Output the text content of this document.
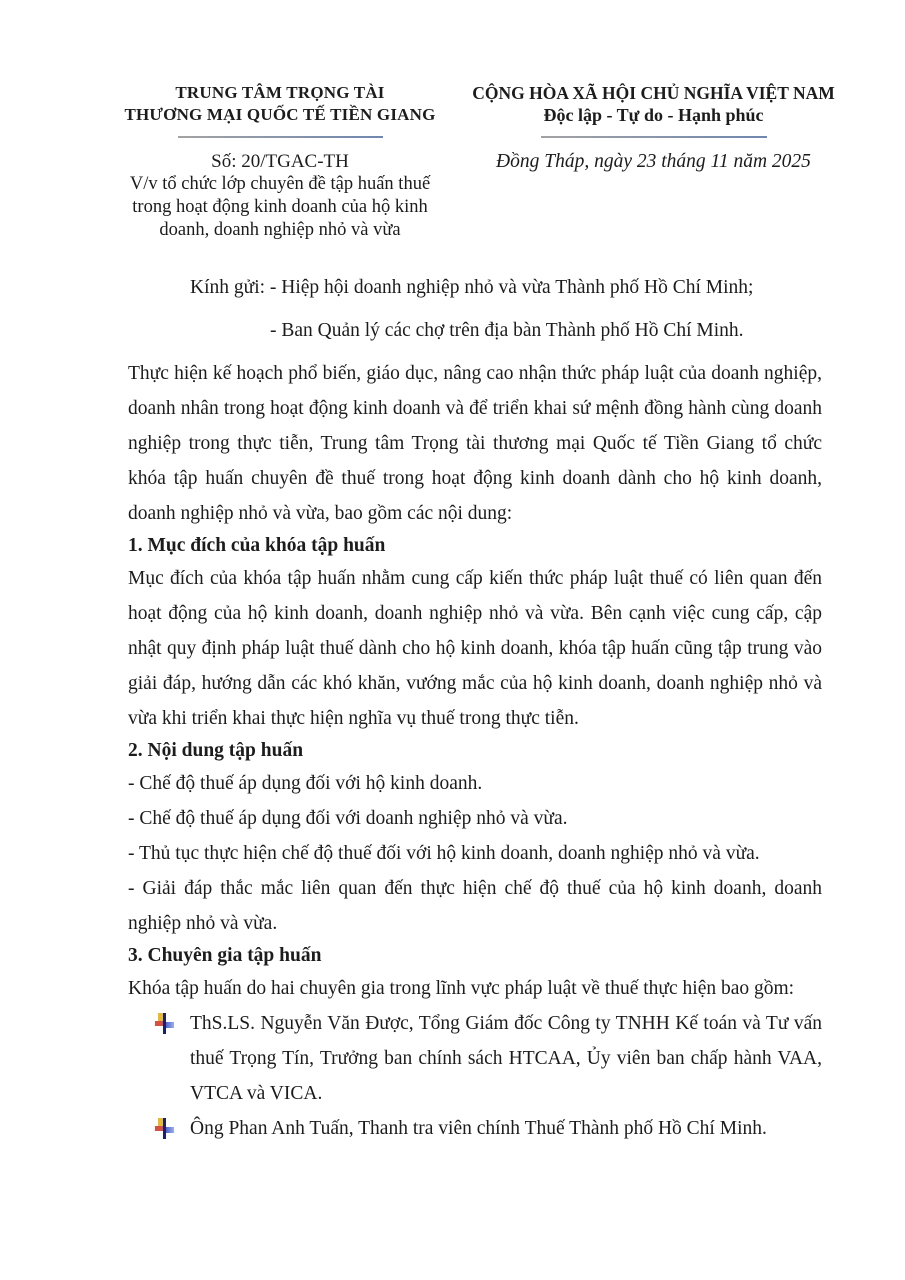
TRUNG TÂM TRỌNG TÀI
THƯƠNG MẠI QUỐC TẾ TIỀN GIANG
Số: 20/TGAC-TH
V/v tổ chức lớp chuyên đề tập huấn thuế
trong hoạt động kinh doanh của hộ kinh
doanh, doanh nghiệp nhỏ và vừa
CỘNG HÒA XÃ HỘI CHỦ NGHĨA VIỆT NAM
Độc lập - Tự do - Hạnh phúc
Đồng Tháp, ngày 23 tháng 11 năm 2025
Kính gửi: - Hiệp hội doanh nghiệp nhỏ và vừa Thành phố Hồ Chí Minh;
- Ban Quản lý các chợ trên địa bàn Thành phố Hồ Chí Minh.

Thực hiện kế hoạch phổ biến, giáo dục, nâng cao nhận thức pháp luật của doanh nghiệp, doanh nhân trong hoạt động kinh doanh và để triển khai sứ mệnh đồng hành cùng doanh nghiệp trong thực tiễn, Trung tâm Trọng tài thương mại Quốc tế Tiền Giang tổ chức khóa tập huấn chuyên đề thuế trong hoạt động kinh doanh dành cho hộ kinh doanh, doanh nghiệp nhỏ và vừa, bao gồm các nội dung:

1. Mục đích của khóa tập huấn

Mục đích của khóa tập huấn nhằm cung cấp kiến thức pháp luật thuế có liên quan đến hoạt động của hộ kinh doanh, doanh nghiệp nhỏ và vừa. Bên cạnh việc cung cấp, cập nhật quy định pháp luật thuế dành cho hộ kinh doanh, khóa tập huấn cũng tập trung vào giải đáp, hướng dẫn các khó khăn, vướng mắc của hộ kinh doanh, doanh nghiệp nhỏ và vừa khi triển khai thực hiện nghĩa vụ thuế trong thực tiễn.

2. Nội dung tập huấn
- Chế độ thuế áp dụng đối với hộ kinh doanh.
- Chế độ thuế áp dụng đối với doanh nghiệp nhỏ và vừa.
- Thủ tục thực hiện chế độ thuế đối với hộ kinh doanh, doanh nghiệp nhỏ và vừa.
- Giải đáp thắc mắc liên quan đến thực hiện chế độ thuế của hộ kinh doanh, doanh nghiệp nhỏ và vừa.
3. Chuyên gia tập huấn
Khóa tập huấn do hai chuyên gia trong lĩnh vực pháp luật về thuế thực hiện bao gồm:
ThS.LS. Nguyễn Văn Được, Tổng Giám đốc Công ty TNHH Kế toán và Tư vấn thuế Trọng Tín, Trưởng ban chính sách HTCAA, Ủy viên ban chấp hành VAA, VTCA và VICA.
Ông Phan Anh Tuấn, Thanh tra viên chính Thuế Thành phố Hồ Chí Minh.
